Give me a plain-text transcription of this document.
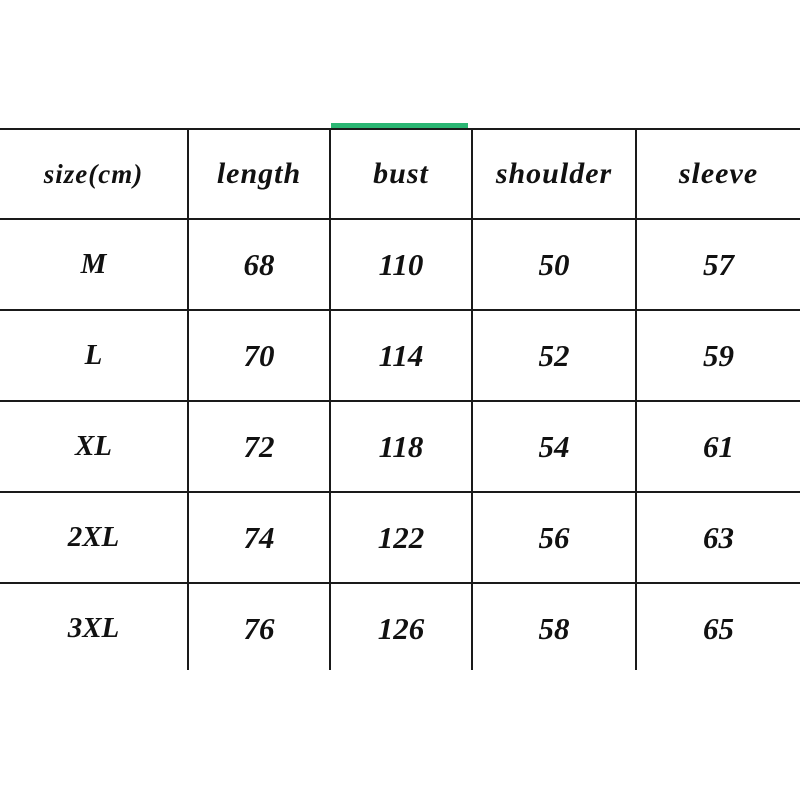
size(cm)	length	bust	shoulder	sleeve
M	68	110	50	57
L	70	114	52	59
XL	72	118	54	61
2XL	74	122	56	63
3XL	76	126	58	65
